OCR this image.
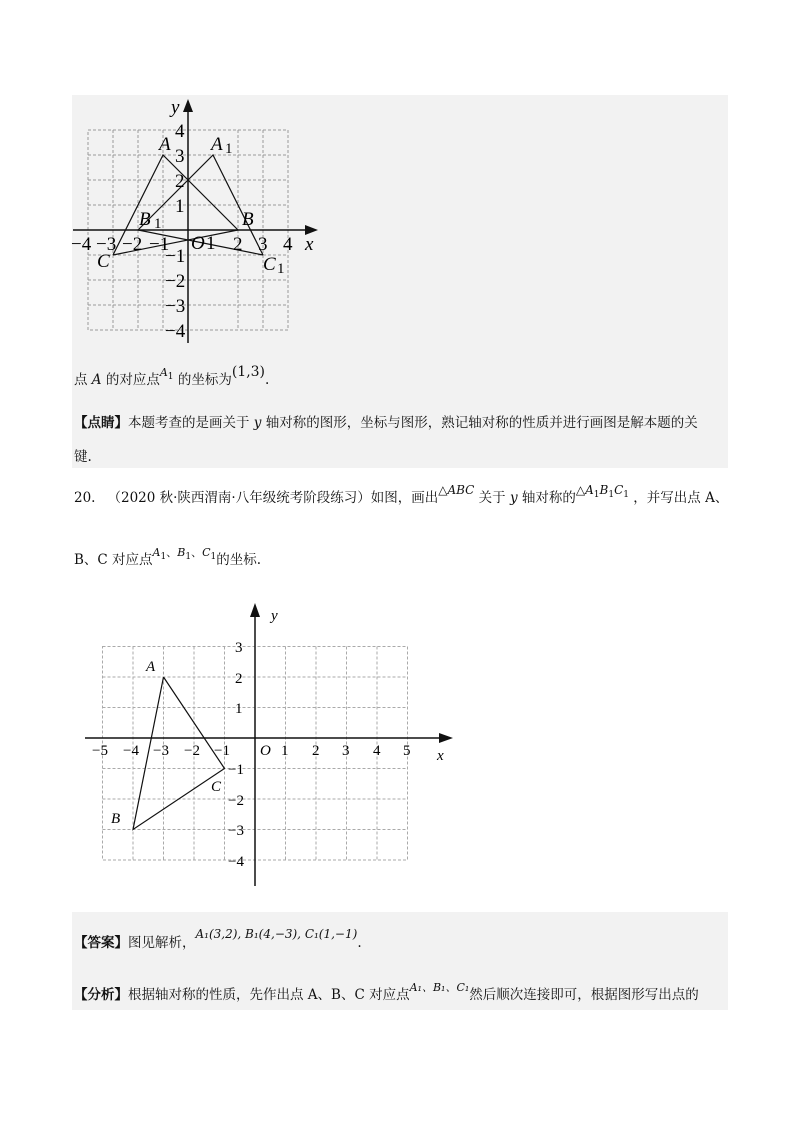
−4 −3 −2 −1 O 1 2 3 4 x
y
4
3
2
1
−1
−2
−3
−4
A A 1
B
B 1
C	C 1
点 A 的对应点$^{A_1}$ 的坐标为(1,3).
【点睛】本题考查的是画关于 y 轴对称的图形，坐标与图形，熟记轴对称的性质并进行画图是解本题的关
键.
20. （2020 秋·陕西渭南·八年级统考阶段练习）如图，画出△ABC 关于 y 轴对称的$\triangle A_1B_1C_1$ ，并写出点 A、
B、C 对应点$^{A_1、B_1、C_1}$的坐标.
−5 −4 −3 −2 −1 O 1 2 3 4 5 x
y
3
2
1
−1
−2
−3
−4
A
B
C
【答案】图见解析，A₁(3,2), B₁(4,−3), C₁(1,−1).
【分析】根据轴对称的性质，先作出点 A、B、C 对应点$^{A_1、B_1、C_1}$然后顺次连接即可，根据图形写出点的
